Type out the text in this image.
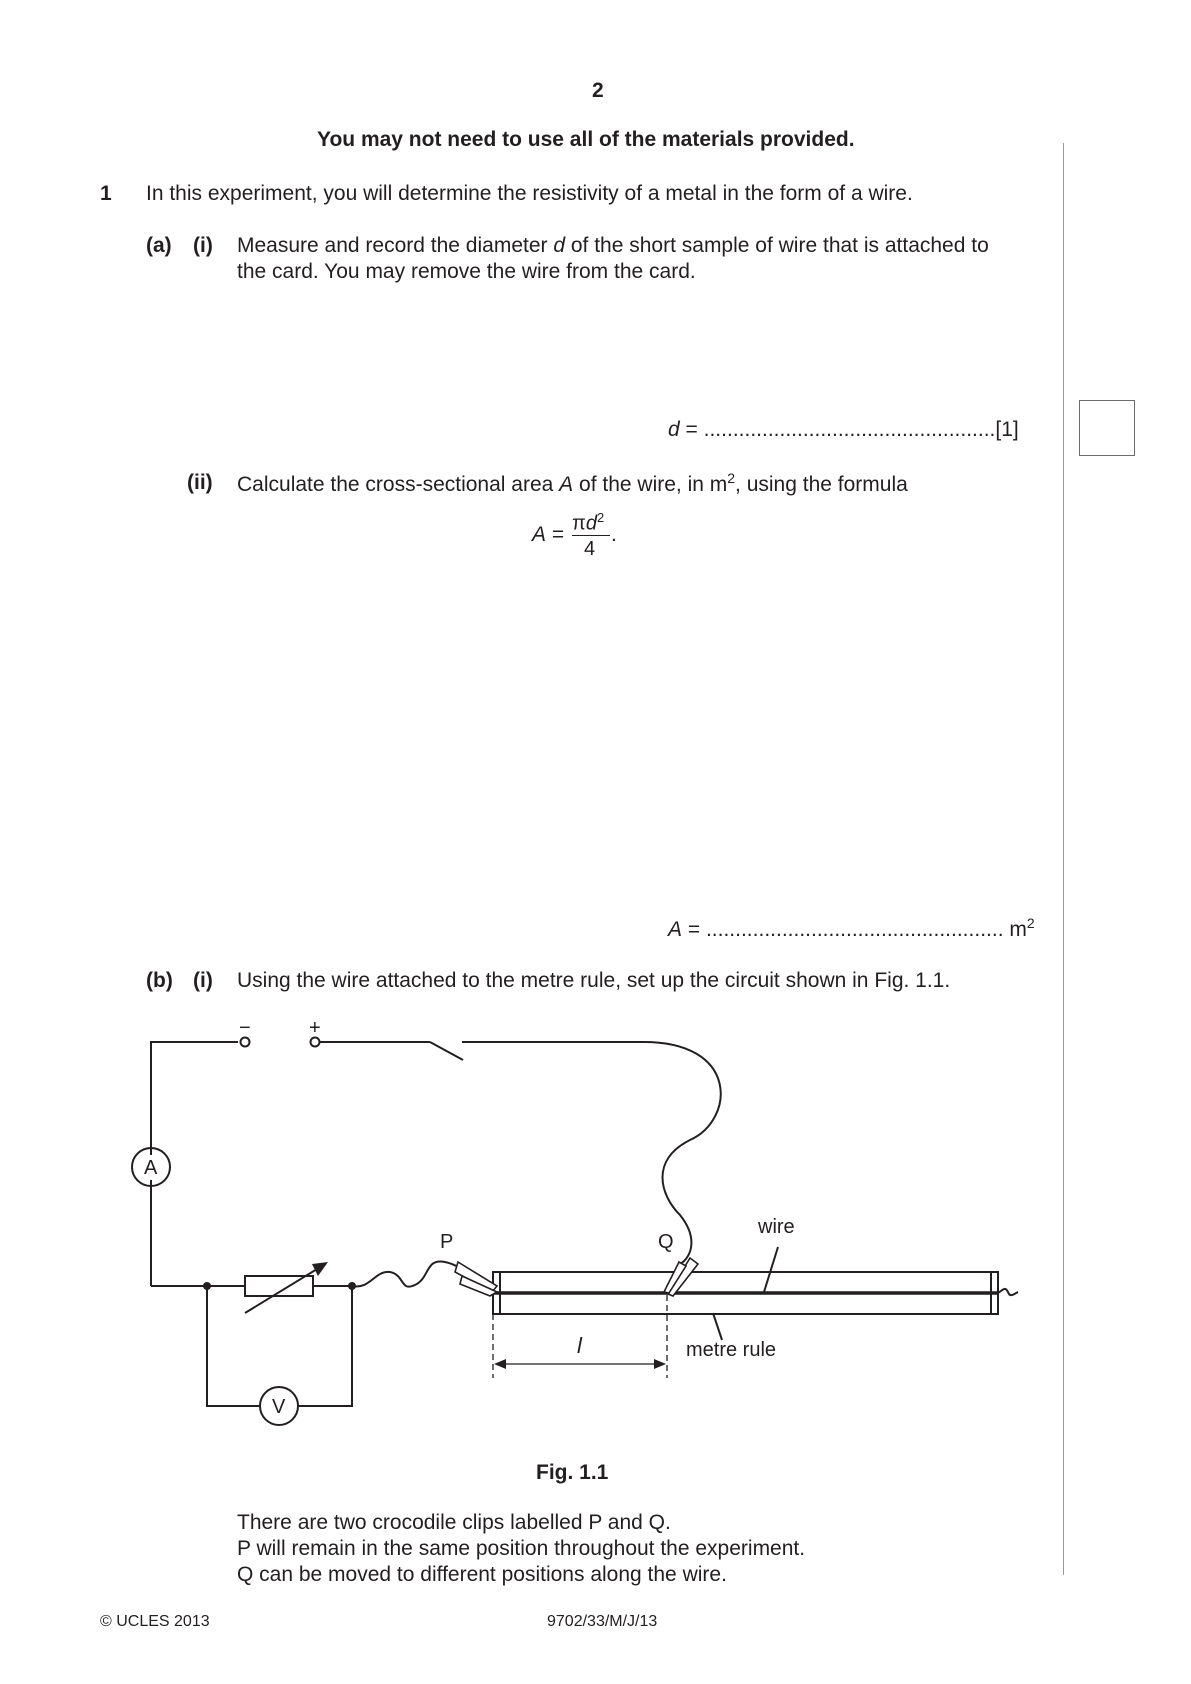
2
You may not need to use all of the materials provided.
1 In this experiment, you will determine the resistivity of a metal in the form of a wire.
(a) (i) Measure and record the diameter d of the short sample of wire that is attached to
the card. You may remove the wire from the card.
d = ..................................................[1]
(ii) Calculate the cross-sectional area A of the wire, in $m^2$, using the formula
$A = \pi d^2$
4
.
A = ................................................... $m^2$
(b) (i) Using the wire attached to the metre rule, set up the circuit shown in Fig. 1.1.
−	+
A
V
P	Q
wire
metre rule
l
Fig. 1.1
There are two crocodile clips labelled P and Q.
P will remain in the same position throughout the experiment.
Q can be moved to different positions along the wire.
© UCLES 2013	9702/33/M/J/13
